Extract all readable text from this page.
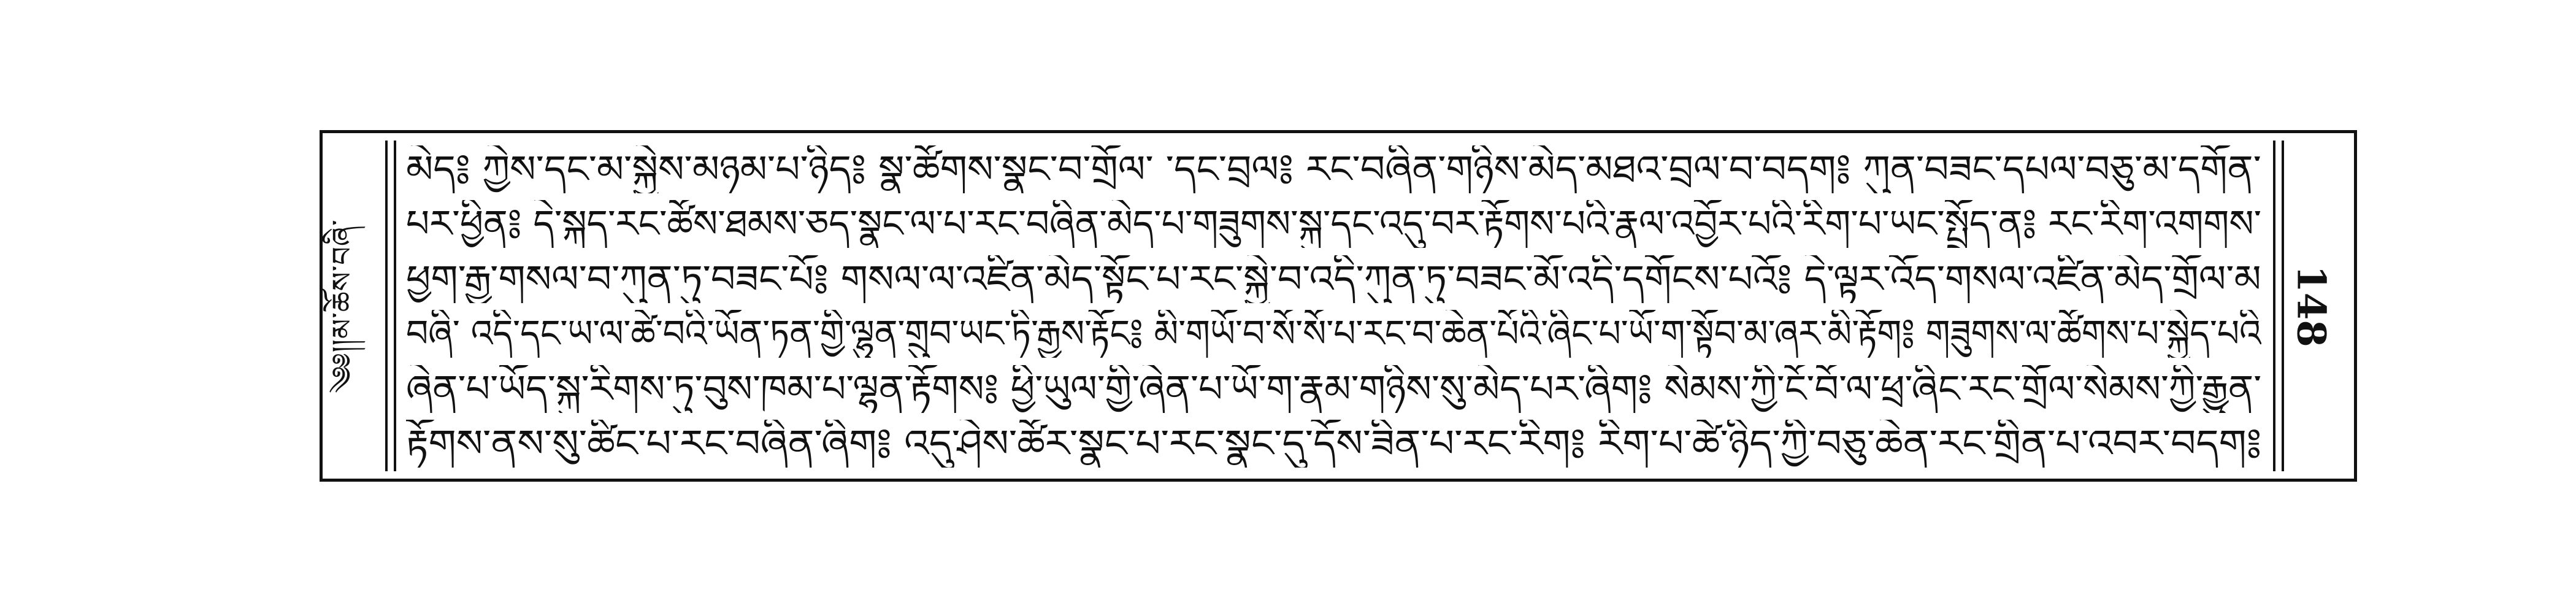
༄༅།།མ་ཆོས་བཞི་
མེད༔ ཀྱེས་དང་མ་སྐྱེས་མཉམ་པ་ཉིད༔ སྣ་ཚོགས་སྣང་བ་གྲོལ་ ་དང་བྲལ༔ རང་བཞིན་གཉིས་མེད་མཐའ་བྲལ་བ་བདག༔ ཀུན་བཟང་དཔལ་བཅུ་མ་དགོན་
པར་ཕྱིན༔ དེ་སྐད་རང་ཚོས་ཐམས་ཅད་སྣང་ལ་པ་རང་བཞིན་མེད་པ་གཟུགས་སྐུ་དང་འདུ་བར་རྟོགས་པའི་རྣལ་འབྱོར་པའི་རིག་པ་ཡང་སྤྲོད་ན༔ རང་རིག་འགགས་
ཕྱག་རྒྱ་གསལ་བ་ཀུན་ཏུ་བཟང་པོ༔ གསལ་ལ་འཛིན་མེད་སྟོང་པ་རང་སྐྱེ་བ་འདི་ཀུན་ཏུ་བཟང་མོ་འདི་དགོངས་པའོ༔ དེ་ལྟར་འོད་གསལ་འཛིན་མེད་གྲོལ་མ
བཞི་ འདི་དང་ཡ་ལ་ཚེ་བའི་ཡོན་ཏན་གྱི་ལྷུན་གྲུབ་ཡང་ཏི་རྒྱས་རྟོང༔ མི་གཡོ་བ་སོ་སོ་པ་རང་བ་ཆེན་པོའི་ཞིང་པ་ཡོ་ག་སྟོབ་མ་ཞར་མི་རྟོག༔ གཟུགས་ལ་ཚོགས་པ་སྐྱེད་པའི
ཞེན་པ་ཡོད་སྐུ་རིགས་ཏུ་བུས་ཁམ་པ་ལྷན་རྟོགས༔ ཕྱི་ཡུལ་གྱི་ཞེན་པ་ཡོ་ག་རྣམ་གཉིས་སུ་མེད་པར་ཞིག༔ སེམས་ཀྱི་ངོ་བོ་ལ་ཕྲ་ཞིང་རང་གྲོལ་སེམས་ཀྱི་རྒྱུན་
རྟོགས་ནས་སུ་ཚིང་པ་རང་བཞིན་ཞིག༔ འདུ་ཤེས་ཚོར་སྣང་པ་རང་སྣང་དུ་དོས་ཟིན་པ་རང་རིག༔ རིག་པ་ཚེ་ཉིད་ཀྱི་བཅུ་ཆེན་རང་གྲིན་པ་འབར་བདག༔
148
